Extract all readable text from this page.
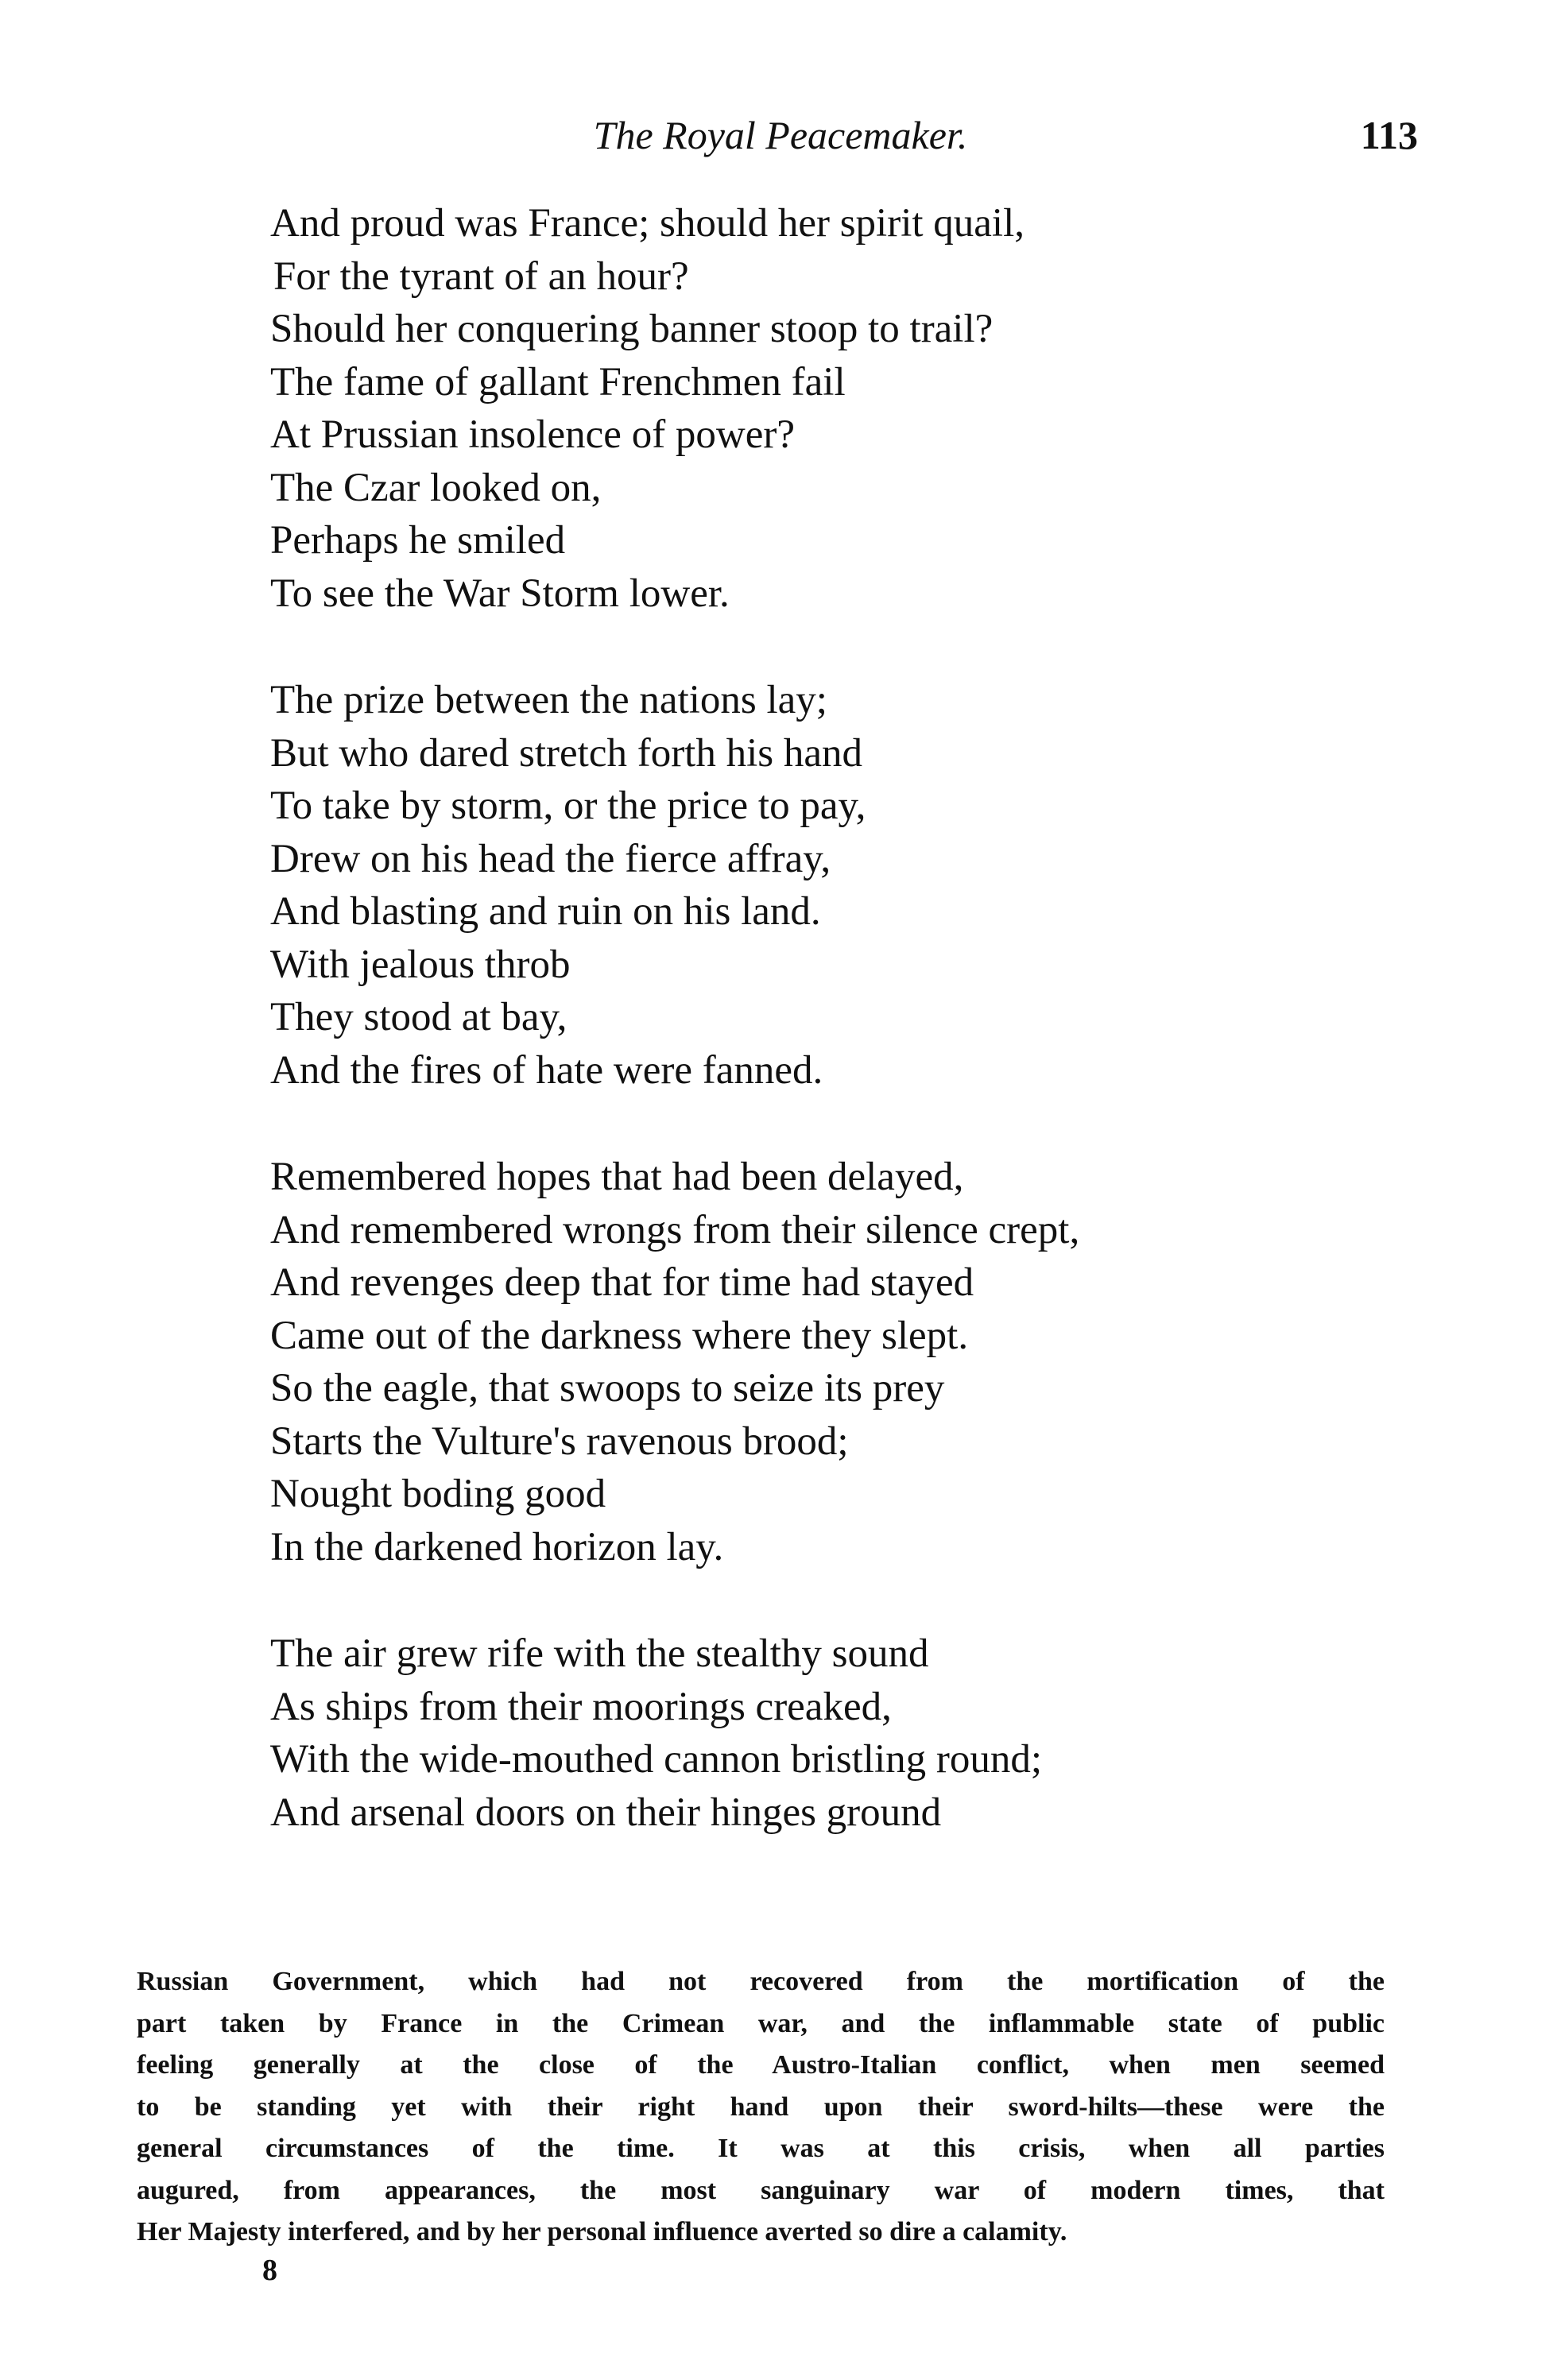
The Royal Peacemaker.	113
And proud was France; should her spirit quail,
For the tyrant of an hour?
Should her conquering banner stoop to trail?
The fame of gallant Frenchmen fail
At Prussian insolence of power?
The Czar looked on,
Perhaps he smiled
To see the War Storm lower.
The prize between the nations lay;
But who dared stretch forth his hand
To take by storm, or the price to pay,
Drew on his head the fierce affray,
And blasting and ruin on his land.
With jealous throb
They stood at bay,
And the fires of hate were fanned.
Remembered hopes that had been delayed,
And remembered wrongs from their silence crept,
And revenges deep that for time had stayed
Came out of the darkness where they slept.
So the eagle, that swoops to seize its prey
Starts the Vulture's ravenous brood;
Nought boding good
In the darkened horizon lay.
The air grew rife with the stealthy sound
As ships from their moorings creaked,
With the wide-mouthed cannon bristling round;
And arsenal doors on their hinges ground
Russian Government, which had not recovered from the mortification of the
part taken by France in the Crimean war, and the inflammable state of public
feeling generally at the close of the Austro-Italian conflict, when men seemed
to be standing yet with their right hand upon their sword-hilts—these were the
general circumstances of the time. It was at this crisis, when all parties
augured, from appearances, the most sanguinary war of modern times, that
Her Majesty interfered, and by her personal influence averted so dire a calamity.
8
